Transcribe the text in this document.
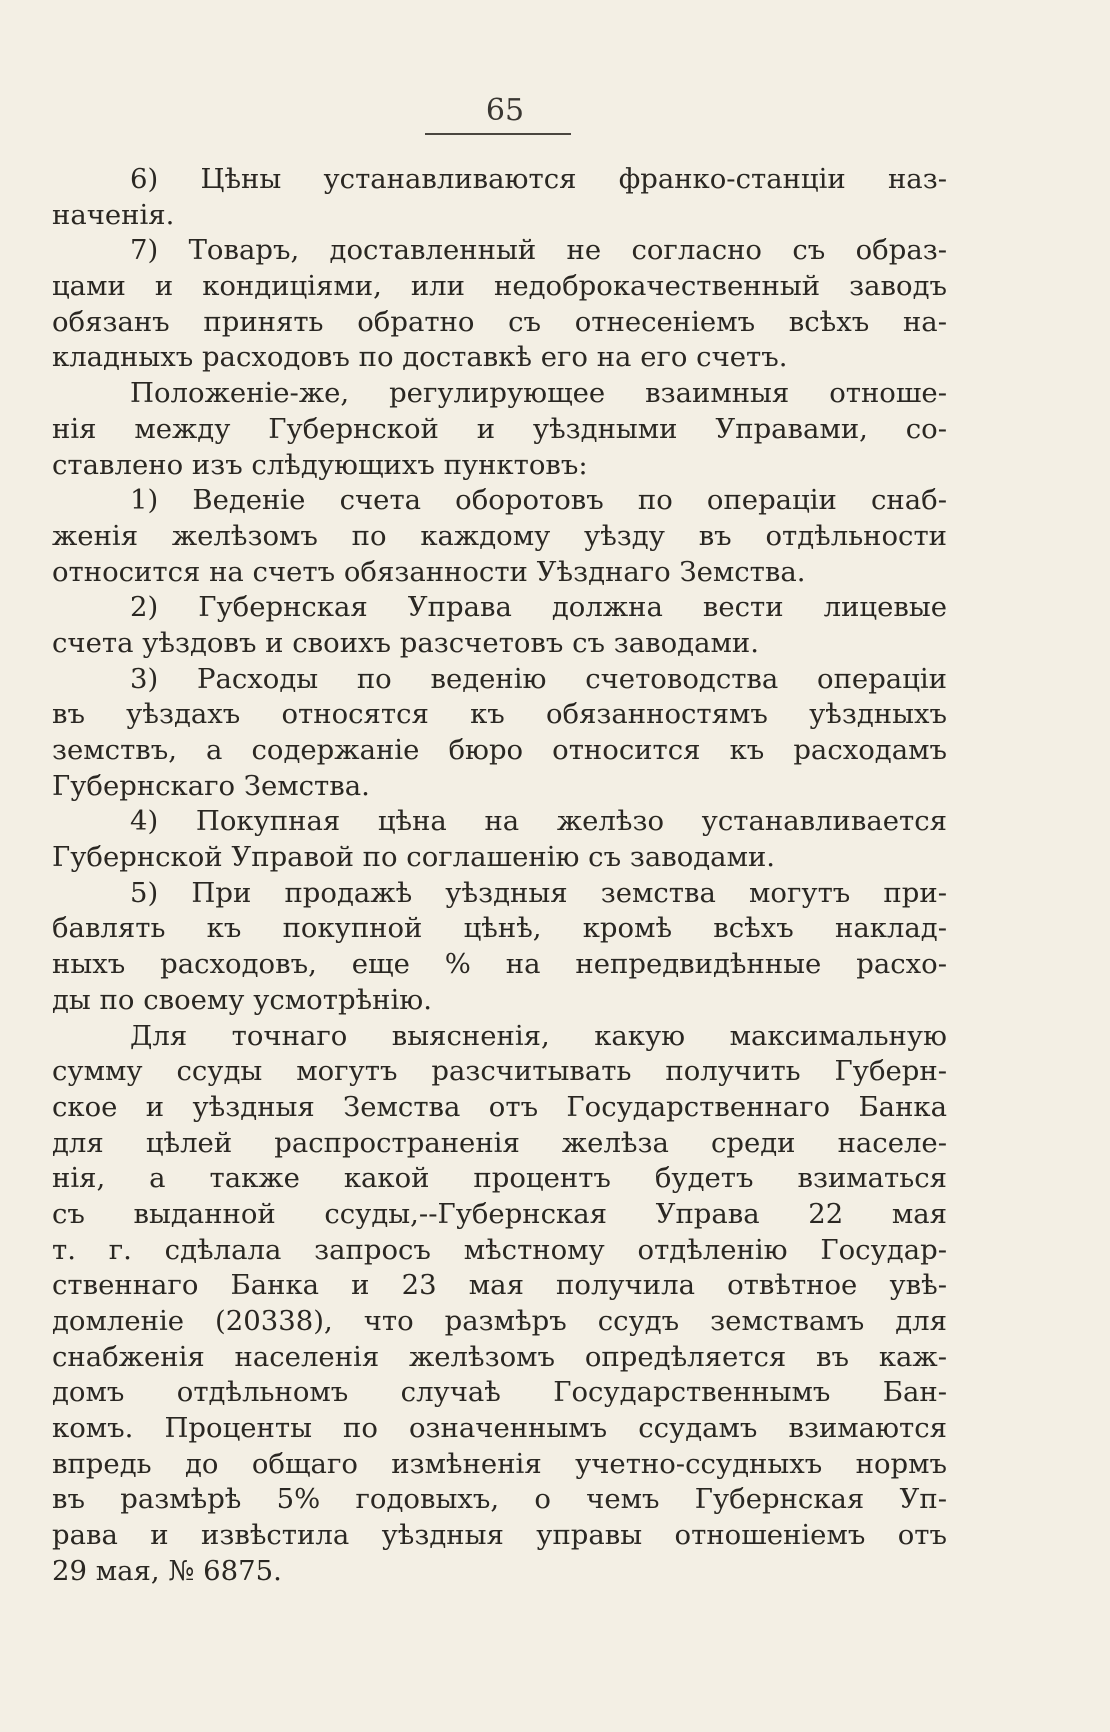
65
6) Цѣны устанавливаются франко-станціи наз-
наченія.
7) Товаръ, доставленный не согласно съ образ-
цами и кондиціями, или недоброкачественный заводъ
обязанъ принять обратно съ отнесеніемъ всѣхъ на-
кладныхъ расходовъ по доставкѣ его на его счетъ.
Положеніе-же, регулирующее взаимныя отноше-
нія между Губернской и уѣздными Управами, со-
ставлено изъ слѣдующихъ пунктовъ:
1) Веденіе счета оборотовъ по операціи снаб-
женія желѣзомъ по каждому уѣзду въ отдѣльности
относится на счетъ обязанности Уѣзднаго Земства.
2) Губернская Управа должна вести лицевые
счета уѣздовъ и своихъ разсчетовъ съ заводами.
3) Расходы по веденію счетоводства операціи
въ уѣздахъ относятся къ обязанностямъ уѣздныхъ
земствъ, а содержаніе бюро относится къ расходамъ
Губернскаго Земства.
4) Покупная цѣна на желѣзо устанавливается
Губернской Управой по соглашенію съ заводами.
5) При продажѣ уѣздныя земства могутъ при-
бавлять къ покупной цѣнѣ, кромѣ всѣхъ наклад-
ныхъ расходовъ, еще % на непредвидѣнные расхо-
ды по своему усмотрѣнію.
Для точнаго выясненія, какую максимальную
сумму ссуды могутъ разсчитывать получить Губерн-
ское и уѣздныя Земства отъ Государственнаго Банка
для цѣлей распространенія желѣза среди населе-
нія, а также какой процентъ будетъ взиматься
съ выданной ссуды,--Губернская Управа 22 мая
т. г. сдѣлала запросъ мѣстному отдѣленію Государ-
ственнаго Банка и 23 мая получила отвѣтное увѣ-
домленіе (20338), что размѣръ ссудъ земствамъ для
снабженія населенія желѣзомъ опредѣляется въ каж-
домъ отдѣльномъ случаѣ Государственнымъ Бан-
комъ. Проценты по означеннымъ ссудамъ взимаются
впредь до общаго измѣненія учетно-ссудныхъ нормъ
въ размѣрѣ 5% годовыхъ, о чемъ Губернская Уп-
рава и извѣстила уѣздныя управы отношеніемъ отъ
29 мая, № 6875.
